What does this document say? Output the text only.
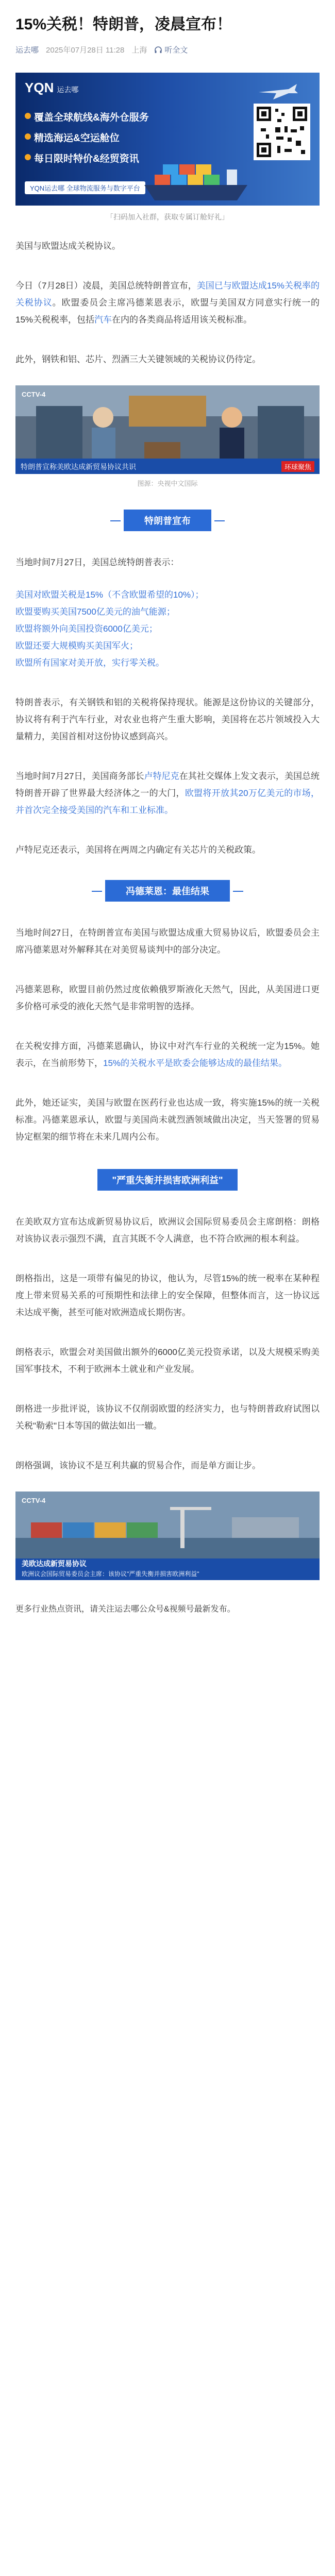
15%关税！特朗普，凌晨宣布！
运去哪 2025年07月28日 11:28 上海 听全文
YQN 运去哪
覆盖全球航线&海外仓服务
精选海运&空运舱位
每日限时特价&经贸资讯
YQN运去哪 全球物流服务与数字平台
「扫码加入社群，获取专属订舱好礼」

美国与欧盟达成关税协议。

今日（7月28日）凌晨，美国总统特朗普宣布，美国已与欧盟达成15%关税率的关税协议。欧盟委员会主席冯德莱恩表示，欧盟与美国双方同意实行统一的15%关税税率，包括汽车在内的各类商品将适用该关税标准。

此外，钢铁和铝、芯片、烈酒三大关键领域的关税协议仍待定。

CCTV-4
特朗普宣称美欧达成新贸易协议共识	环球聚焦
图源：央视中文国际
特朗普宣布

当地时间7月27日，美国总统特朗普表示：

美国对欧盟关税是15%（不含欧盟希望的10%）；
欧盟要购买美国7500亿美元的油气能源；
欧盟将额外向美国投资6000亿美元；
欧盟还要大规模购买美国军火；
欧盟所有国家对美开放，实行零关税。

特朗普表示，有关钢铁和铝的关税将保持现状。能源是这份协议的关键部分，协议将有利于汽车行业，对农业也将产生重大影响，美国将在芯片领域投入大量精力，美国首相对这份协议感到高兴。

当地时间7月27日，美国商务部长卢特尼克在其社交媒体上发文表示，美国总统特朗普开辟了世界最大经济体之一的大门，欧盟将开放其20万亿美元的市场，并首次完全接受美国的汽车和工业标准。

卢特尼克还表示，美国将在两周之内确定有关芯片的关税政策。

冯德莱恩：最佳结果

当地时间27日，在特朗普宣布美国与欧盟达成重大贸易协议后，欧盟委员会主席冯德莱恩对外解释其在对美贸易谈判中的部分决定。

冯德莱恩称，欧盟目前仍然过度依赖俄罗斯液化天然气，因此，从美国进口更多价格可承受的液化天然气是非常明智的选择。

在关税安排方面，冯德莱恩确认，协议中对汽车行业的关税统一定为15%。她表示，在当前形势下，15%的关税水平是欧委会能够达成的最佳结果。

此外，她还证实，美国与欧盟在医药行业也达成一致，将实施15%的统一关税标准。冯德莱恩承认，欧盟与美国尚未就烈酒领域做出决定，当天签署的贸易协定框架的细节将在未来几周内公布。

"严重失衡并损害欧洲利益"

在美欧双方宣布达成新贸易协议后，欧洲议会国际贸易委员会主席朗格：朗格对该协议表示强烈不满，直言其既不令人满意，也不符合欧洲的根本利益。

朗格指出，这是一项带有偏见的协议，他认为，尽管15%的统一税率在某种程度上带来贸易关系的可预期性和法律上的安全保障，但整体而言，这一协议远未达成平衡，甚至可能对欧洲造成长期伤害。

朗格表示，欧盟会对美国做出额外的6000亿美元投资承诺，以及大规模采购美国军事技术，不利于欧洲本土就业和产业发展。

朗格进一步批评说，该协议不仅削弱欧盟的经济实力，也与特朗普政府试图以关税"勒索"日本等国的做法如出一辙。

朗格强调，该协议不是互利共赢的贸易合作，而是单方面让步。

CCTV-4
美欧达成新贸易协议
欧洲议会国际贸易委员会主席：该协议"严重失衡并损害欧洲利益"

更多行业热点资讯，请关注运去哪公众号&视频号最新发布。
